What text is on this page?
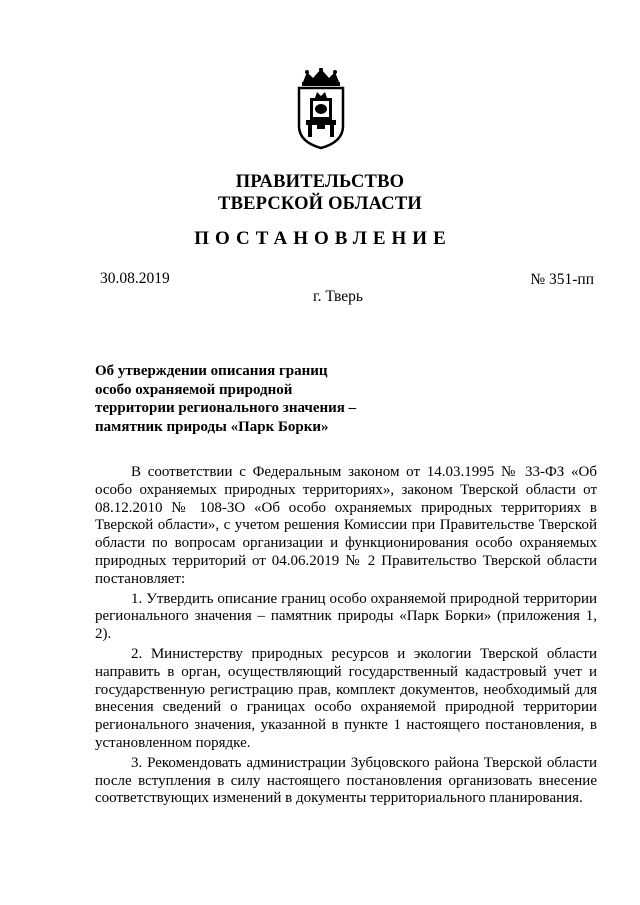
ПРАВИТЕЛЬСТВО
ТВЕРСКОЙ ОБЛАСТИ
ПОСТАНОВЛЕНИЕ
30.08.2019	№ 351-пп
г. Тверь
Об утверждении описания границ
особо охраняемой природной
территории регионального значения –
памятник природы «Парк Борки»

В соответствии с Федеральным законом от 14.03.1995 № 33-ФЗ «Об особо охраняемых природных территориях», законом Тверской области от 08.12.2010 № 108-ЗО «Об особо охраняемых природных территориях в Тверской области», с учетом решения Комиссии при Правительстве Тверской области по вопросам организации и функционирования особо охраняемых природных территорий от 04.06.2019 № 2 Правительство Тверской области постановляет:

1. Утвердить описание границ особо охраняемой природной территории регионального значения – памятник природы «Парк Борки» (приложения 1, 2).

2. Министерству природных ресурсов и экологии Тверской области направить в орган, осуществляющий государственный кадастровый учет и государственную регистрацию прав, комплект документов, необходимый для внесения сведений о границах особо охраняемой природной территории регионального значения, указанной в пункте 1 настоящего постановления, в установленном порядке.

3. Рекомендовать администрации Зубцовского района Тверской области после вступления в силу настоящего постановления организовать внесение соответствующих изменений в документы территориального планирования.
